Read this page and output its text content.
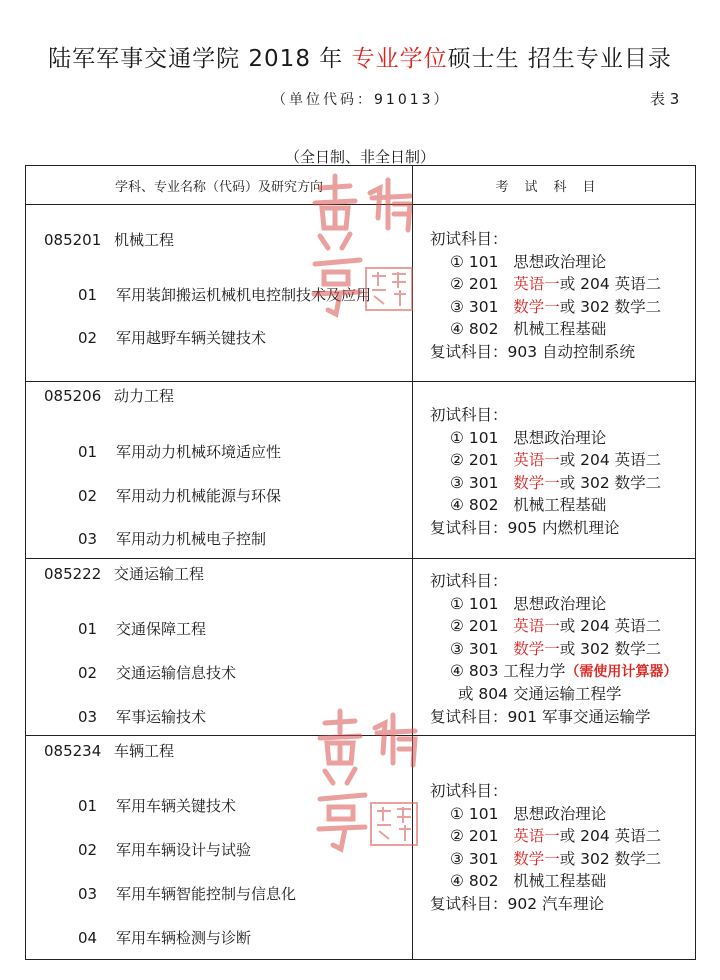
陆军军事交通学院 2018 年 专业学位硕士生 招生专业目录
（单位代码：91013）	表 3
（全日制、非全日制）
学科、专业名称（代码）及研究方向	考试科目
085201 机械工程
01 军用装卸搬运机械机电控制技术及应用
02 军用越野车辆关键技术
初试科目：
① 101 思想政治理论
② 201 英语一或 204 英语二
③ 301 数学一或 302 数学二
④ 802 机械工程基础
复试科目：903 自动控制系统
085206 动力工程
01 军用动力机械环境适应性
02 军用动力机械能源与环保
03 军用动力机械电子控制
初试科目：
① 101 思想政治理论
② 201 英语一或 204 英语二
③ 301 数学一或 302 数学二
④ 802 机械工程基础
复试科目：905 内燃机理论
085222 交通运输工程
01 交通保障工程
02 交通运输信息技术
03 军事运输技术
初试科目：
① 101 思想政治理论
② 201 英语一或 204 英语二
③ 301 数学一或 302 数学二
④ 803 工程力学（需使用计算器）
或 804 交通运输工程学
复试科目：901 军事交通运输学
085234 车辆工程
01 军用车辆关键技术
02 军用车辆设计与试验
03 军用车辆智能控制与信息化
04 军用车辆检测与诊断
初试科目：
① 101 思想政治理论
② 201 英语一或 204 英语二
③ 301 数学一或 302 数学二
④ 802 机械工程基础
复试科目：902 汽车理论
